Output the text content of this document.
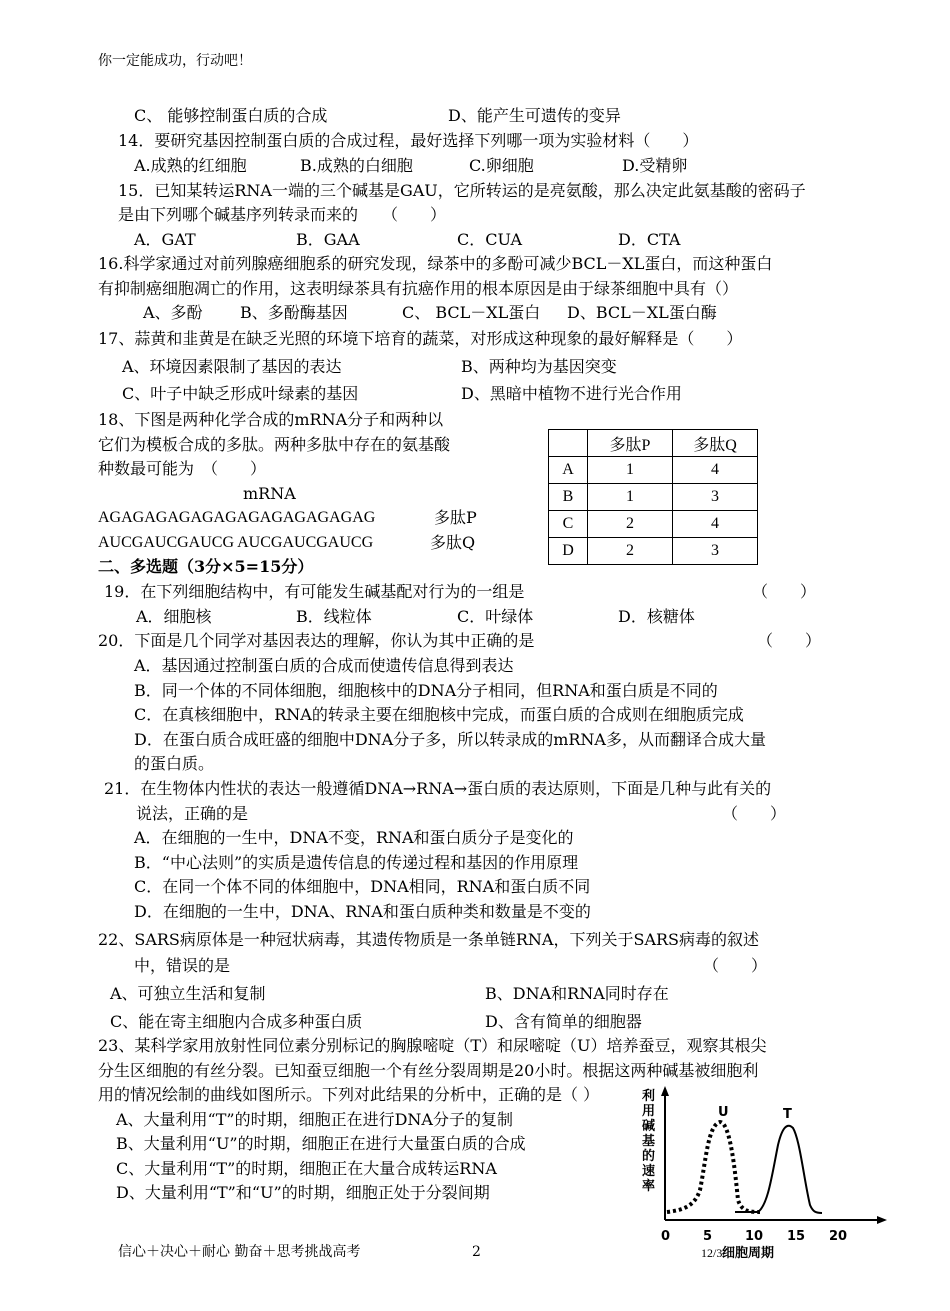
你一定能成功，行动吧！
C、 能够控制蛋白质的合成	D、能产生可遗传的变异
14．要研究基因控制蛋白质的合成过程，最好选择下列哪一项为实验材料（　　）
A.成熟的红细胞	B.成熟的白细胞	C.卵细胞	D.受精卵
15．已知某转运RNA一端的三个碱基是GAU，它所转运的是亮氨酸，那么决定此氨基酸的密码子
是由下列哪个碱基序列转录而来的　　（　　）
A．GAT	B．GAA	C．CUA	D．CTA
16.科学家通过对前列腺癌细胞系的研究发现，绿茶中的多酚可减少BCL－XL蛋白，而这种蛋白
有抑制癌细胞凋亡的作用，这表明绿茶具有抗癌作用的根本原因是由于绿茶细胞中具有（）
A、多酚 B、多酚酶基因	C、 BCL－XL蛋白 D、BCL－XL蛋白酶
17、蒜黄和韭黄是在缺乏光照的环境下培育的蔬菜，对形成这种现象的最好解释是（　　）
A、环境因素限制了基因的表达	B、两种均为基因突变
C、叶子中缺乏形成叶绿素的基因	D、黑暗中植物不进行光合作用
18、下图是两种化学合成的mRNA分子和两种以
它们为模板合成的多肽。两种多肽中存在的氨基酸
种数最可能为　（　　）
mRNA
AGAGAGAGAGAGAGAGAGAGAGAG	多肽P
AUCGAUCGAUCG AUCGAUCGAUCG	多肽Q
	多肽P	多肽Q
A	1	4
B	1	3
C	2	4
D	2	3
二、多选题（3分×5=15分）
19．在下列细胞结构中，有可能发生碱基配对行为的一组是	（　　）
A．细胞核	B．线粒体	C．叶绿体	D．核糖体
20．下面是几个同学对基因表达的理解，你认为其中正确的是	（　　）
A．基因通过控制蛋白质的合成而使遗传信息得到表达
B．同一个体的不同体细胞，细胞核中的DNA分子相同，但RNA和蛋白质是不同的
C．在真核细胞中，RNA的转录主要在细胞核中完成，而蛋白质的合成则在细胞质完成
D．在蛋白质合成旺盛的细胞中DNA分子多，所以转录成的mRNA多，从而翻译合成大量
的蛋白质。
21．在生物体内性状的表达一般遵循DNA→RNA→蛋白质的表达原则，下面是几种与此有关的
说法，正确的是	（　　）
A．在细胞的一生中，DNA不变，RNA和蛋白质分子是变化的
B．“中心法则”的实质是遗传信息的传递过程和基因的作用原理
C．在同一个体不同的体细胞中，DNA相同，RNA和蛋白质不同
D．在细胞的一生中，DNA、RNA和蛋白质种类和数量是不变的
22、SARS病原体是一种冠状病毒，其遗传物质是一条单链RNA，下列关于SARS病毒的叙述
中，错误的是	（　　）
A、可独立生活和复制	B、DNA和RNA同时存在
C、能在寄主细胞内合成多种蛋白质	D、含有简单的细胞器
23、某科学家用放射性同位素分别标记的胸腺嘧啶（T）和尿嘧啶（U）培养蚕豆，观察其根尖
分生区细胞的有丝分裂。已知蚕豆细胞一个有丝分裂周期是20小时。根据这两种碱基被细胞利
用的情况绘制的曲线如图所示。下列对此结果的分析中，正确的是（ ）
A、大量利用“T”的时期，细胞正在进行DNA分子的复制
B、大量利用“U”的时期，细胞正在进行大量蛋白质的合成
C、大量利用“T”的时期，细胞正在大量合成转运RNA
D、大量利用“T”和“U”的时期，细胞正处于分裂间期
利用碱基的速率
U	T
0	5	10 15 20
12/3/
细胞周期
信心＋决心＋耐心 勤奋＋思考挑战高考	2
